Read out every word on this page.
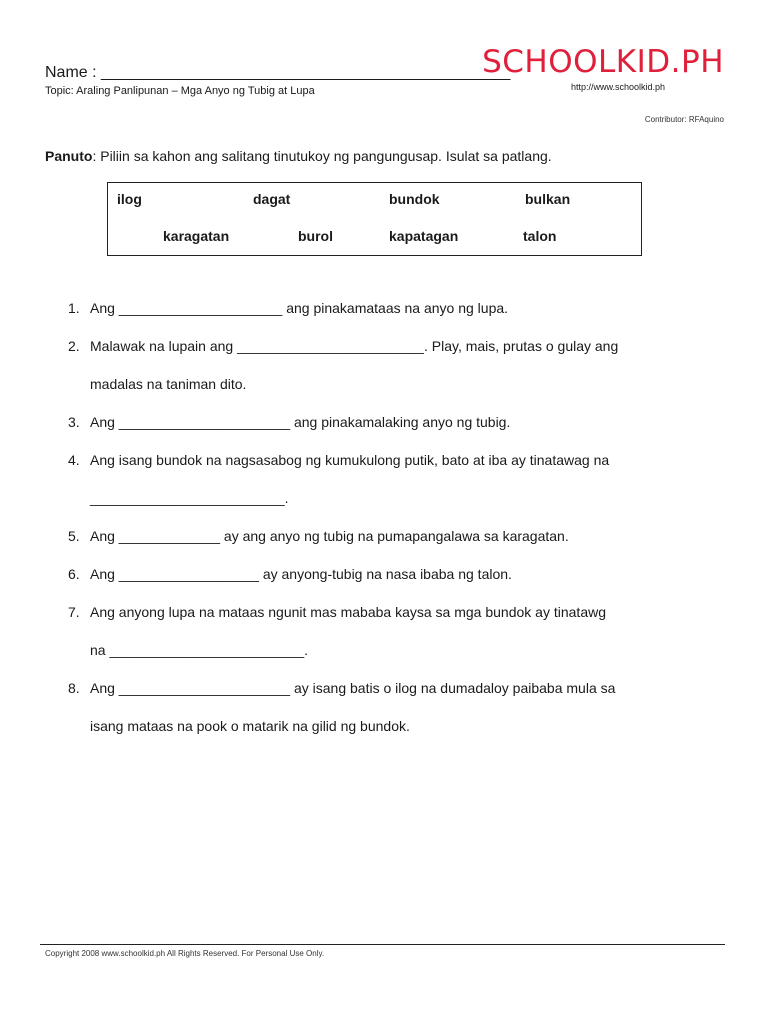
Name : ______________________________________________
Topic: Araling Panlipunan – Mga Anyo ng Tubig at Lupa
SCHOOLKID.PH
http://www.schoolkid.ph
Contributor: RFAquino
Panuto: Piliin sa kahon ang salitang tinutukoy ng pangungusap. Isulat sa patlang.
ilog	dagat	bundok	bulkan
karagatan	burol	kapatagan	talon
1. Ang _____________________ ang pinakamataas na anyo ng lupa.
2. Malawak na lupain ang ________________________. Play, mais, prutas o gulay ang
madalas na taniman dito.
3. Ang ______________________ ang pinakamalaking anyo ng tubig.
4. Ang isang bundok na nagsasabog ng kumukulong putik, bato at iba ay tinatawag na
_________________________.
5. Ang _____________ ay ang anyo ng tubig na pumapangalawa sa karagatan.
6. Ang __________________ ay anyong-tubig na nasa ibaba ng talon.
7. Ang anyong lupa na mataas ngunit mas mababa kaysa sa mga bundok ay tinatawg
na _________________________.
8. Ang ______________________ ay isang batis o ilog na dumadaloy paibaba mula sa
isang mataas na pook o matarik na gilid ng bundok.
Copyright 2008 www.schoolkid.ph All Rights Reserved. For Personal Use Only.
